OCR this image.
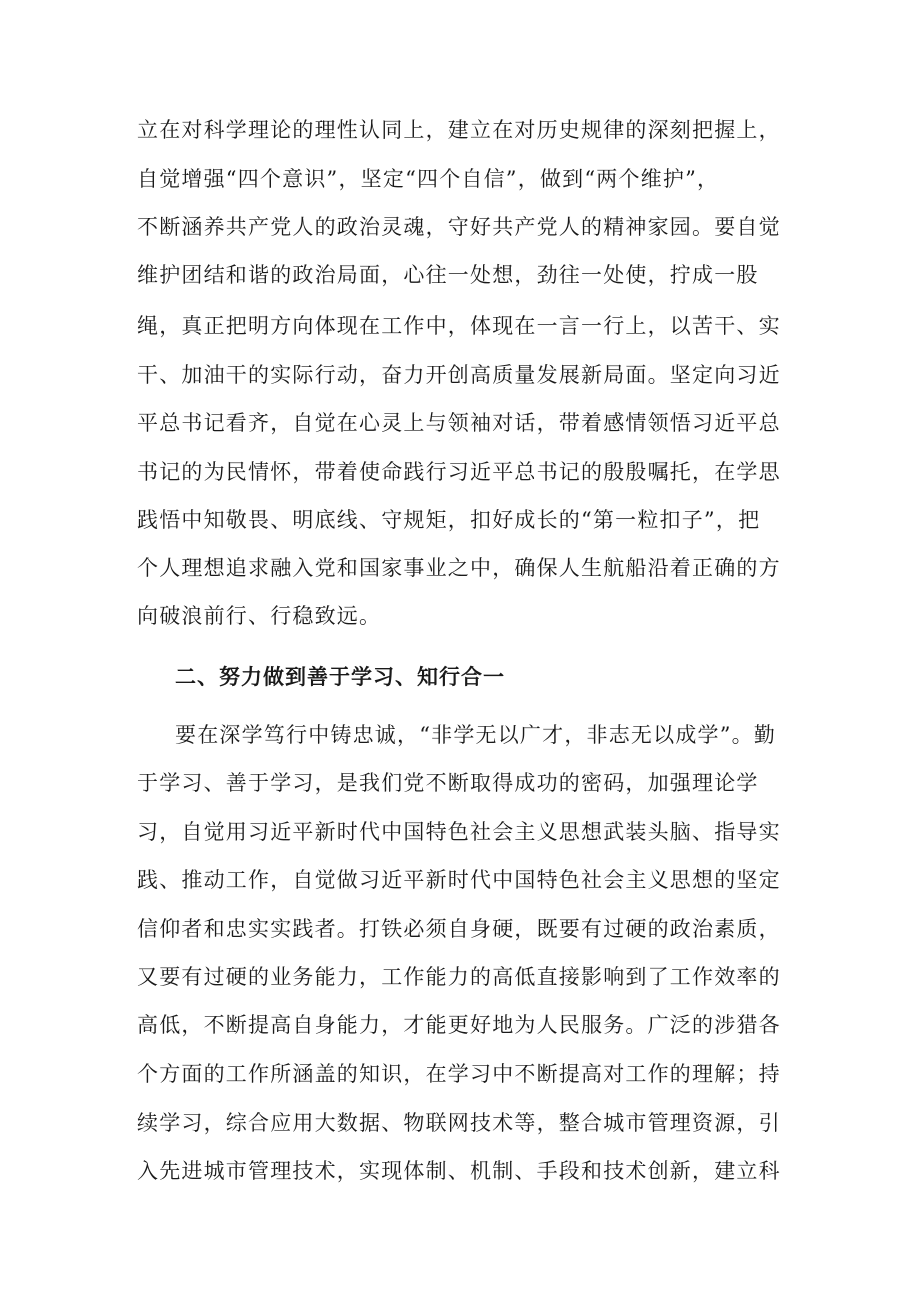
立在对科学理论的理性认同上，建立在对历史规律的深刻把握上，
自觉增强“四个意识”，坚定“四个自信”，做到“两个维护”，
不断涵养共产党人的政治灵魂，守好共产党人的精神家园。要自觉
维护团结和谐的政治局面，心往一处想，劲往一处使，拧成一股
绳，真正把明方向体现在工作中，体现在一言一行上，以苦干、实
干、加油干的实际行动，奋力开创高质量发展新局面。坚定向习近
平总书记看齐，自觉在心灵上与领袖对话，带着感情领悟习近平总
书记的为民情怀，带着使命践行习近平总书记的殷殷嘱托，在学思
践悟中知敬畏、明底线、守规矩，扣好成长的“第一粒扣子”，把
个人理想追求融入党和国家事业之中，确保人生航船沿着正确的方
向破浪前行、行稳致远。
二、努力做到善于学习、知行合一
要在深学笃行中铸忠诚，“非学无以广才，非志无以成学”。勤
于学习、善于学习，是我们党不断取得成功的密码，加强理论学
习，自觉用习近平新时代中国特色社会主义思想武装头脑、指导实
践、推动工作，自觉做习近平新时代中国特色社会主义思想的坚定
信仰者和忠实实践者。打铁必须自身硬，既要有过硬的政治素质，
又要有过硬的业务能力，工作能力的高低直接影响到了工作效率的
高低，不断提高自身能力，才能更好地为人民服务。广泛的涉猎各
个方面的工作所涵盖的知识，在学习中不断提高对工作的理解；持
续学习，综合应用大数据、物联网技术等，整合城市管理资源，引
入先进城市管理技术，实现体制、机制、手段和技术创新，建立科
